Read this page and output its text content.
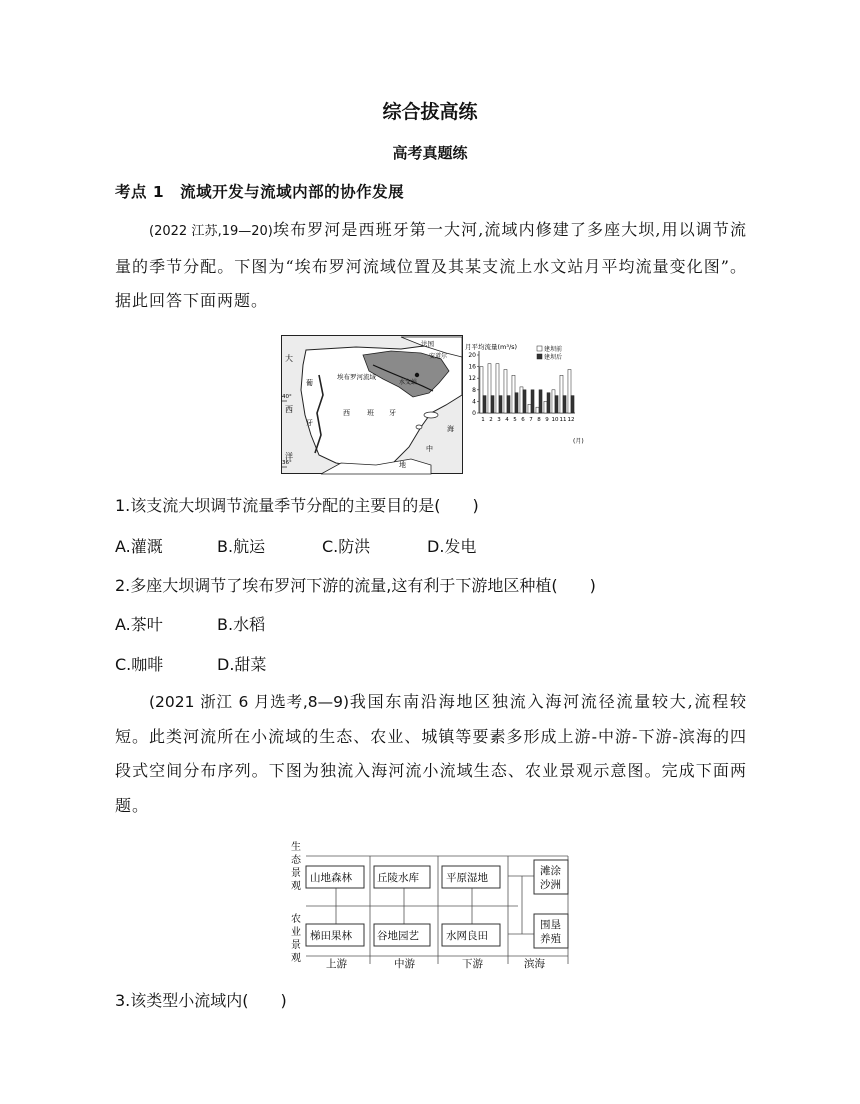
综合拔高练
高考真题练
考点 1　流域开发与流域内部的协作发展
(2022 江苏,19—20)埃布罗河是西班牙第一大河,流域内修建了多座大坝,用以调节流量的季节分配。下图为“埃布罗河流域位置及其某支流上水文站月平均流量变化图”。据此回答下面两题。
法国
安道尔
埃布罗河流域
水文站
大
西
洋
葡
牙
西 班 牙
海
中
地
40°
36°
月平均流量(m³/s)	建坝前
建坝后
0
4
8
12
16
20
1 2 3 4 5 6 7 8 9 10 11 12
(月)
1.该支流大坝调节流量季节分配的主要目的是(　　)
A.灌溉	B.航运	C.防洪	D.发电
2.多座大坝调节了埃布罗河下游的流量,这有利于下游地区种植(　　)
A.茶叶	B.水稻
C.咖啡	D.甜菜
(2021 浙江 6 月选考,8—9)我国东南沿海地区独流入海河流径流量较大,流程较短。此类河流所在小流域的生态、农业、城镇等要素多形成上游-中游-下游-滨海的四段式空间分布序列。下图为独流入海河流小流域生态、农业景观示意图。完成下面两题。
生
态
景
观
农
业
景
观
山地森林 丘陵水库	平原湿地
梯田果林 谷地园艺	水网良田
滩涂
沙洲
围垦
养殖
上游	中游	下游	滨海
3.该类型小流域内(　　)
